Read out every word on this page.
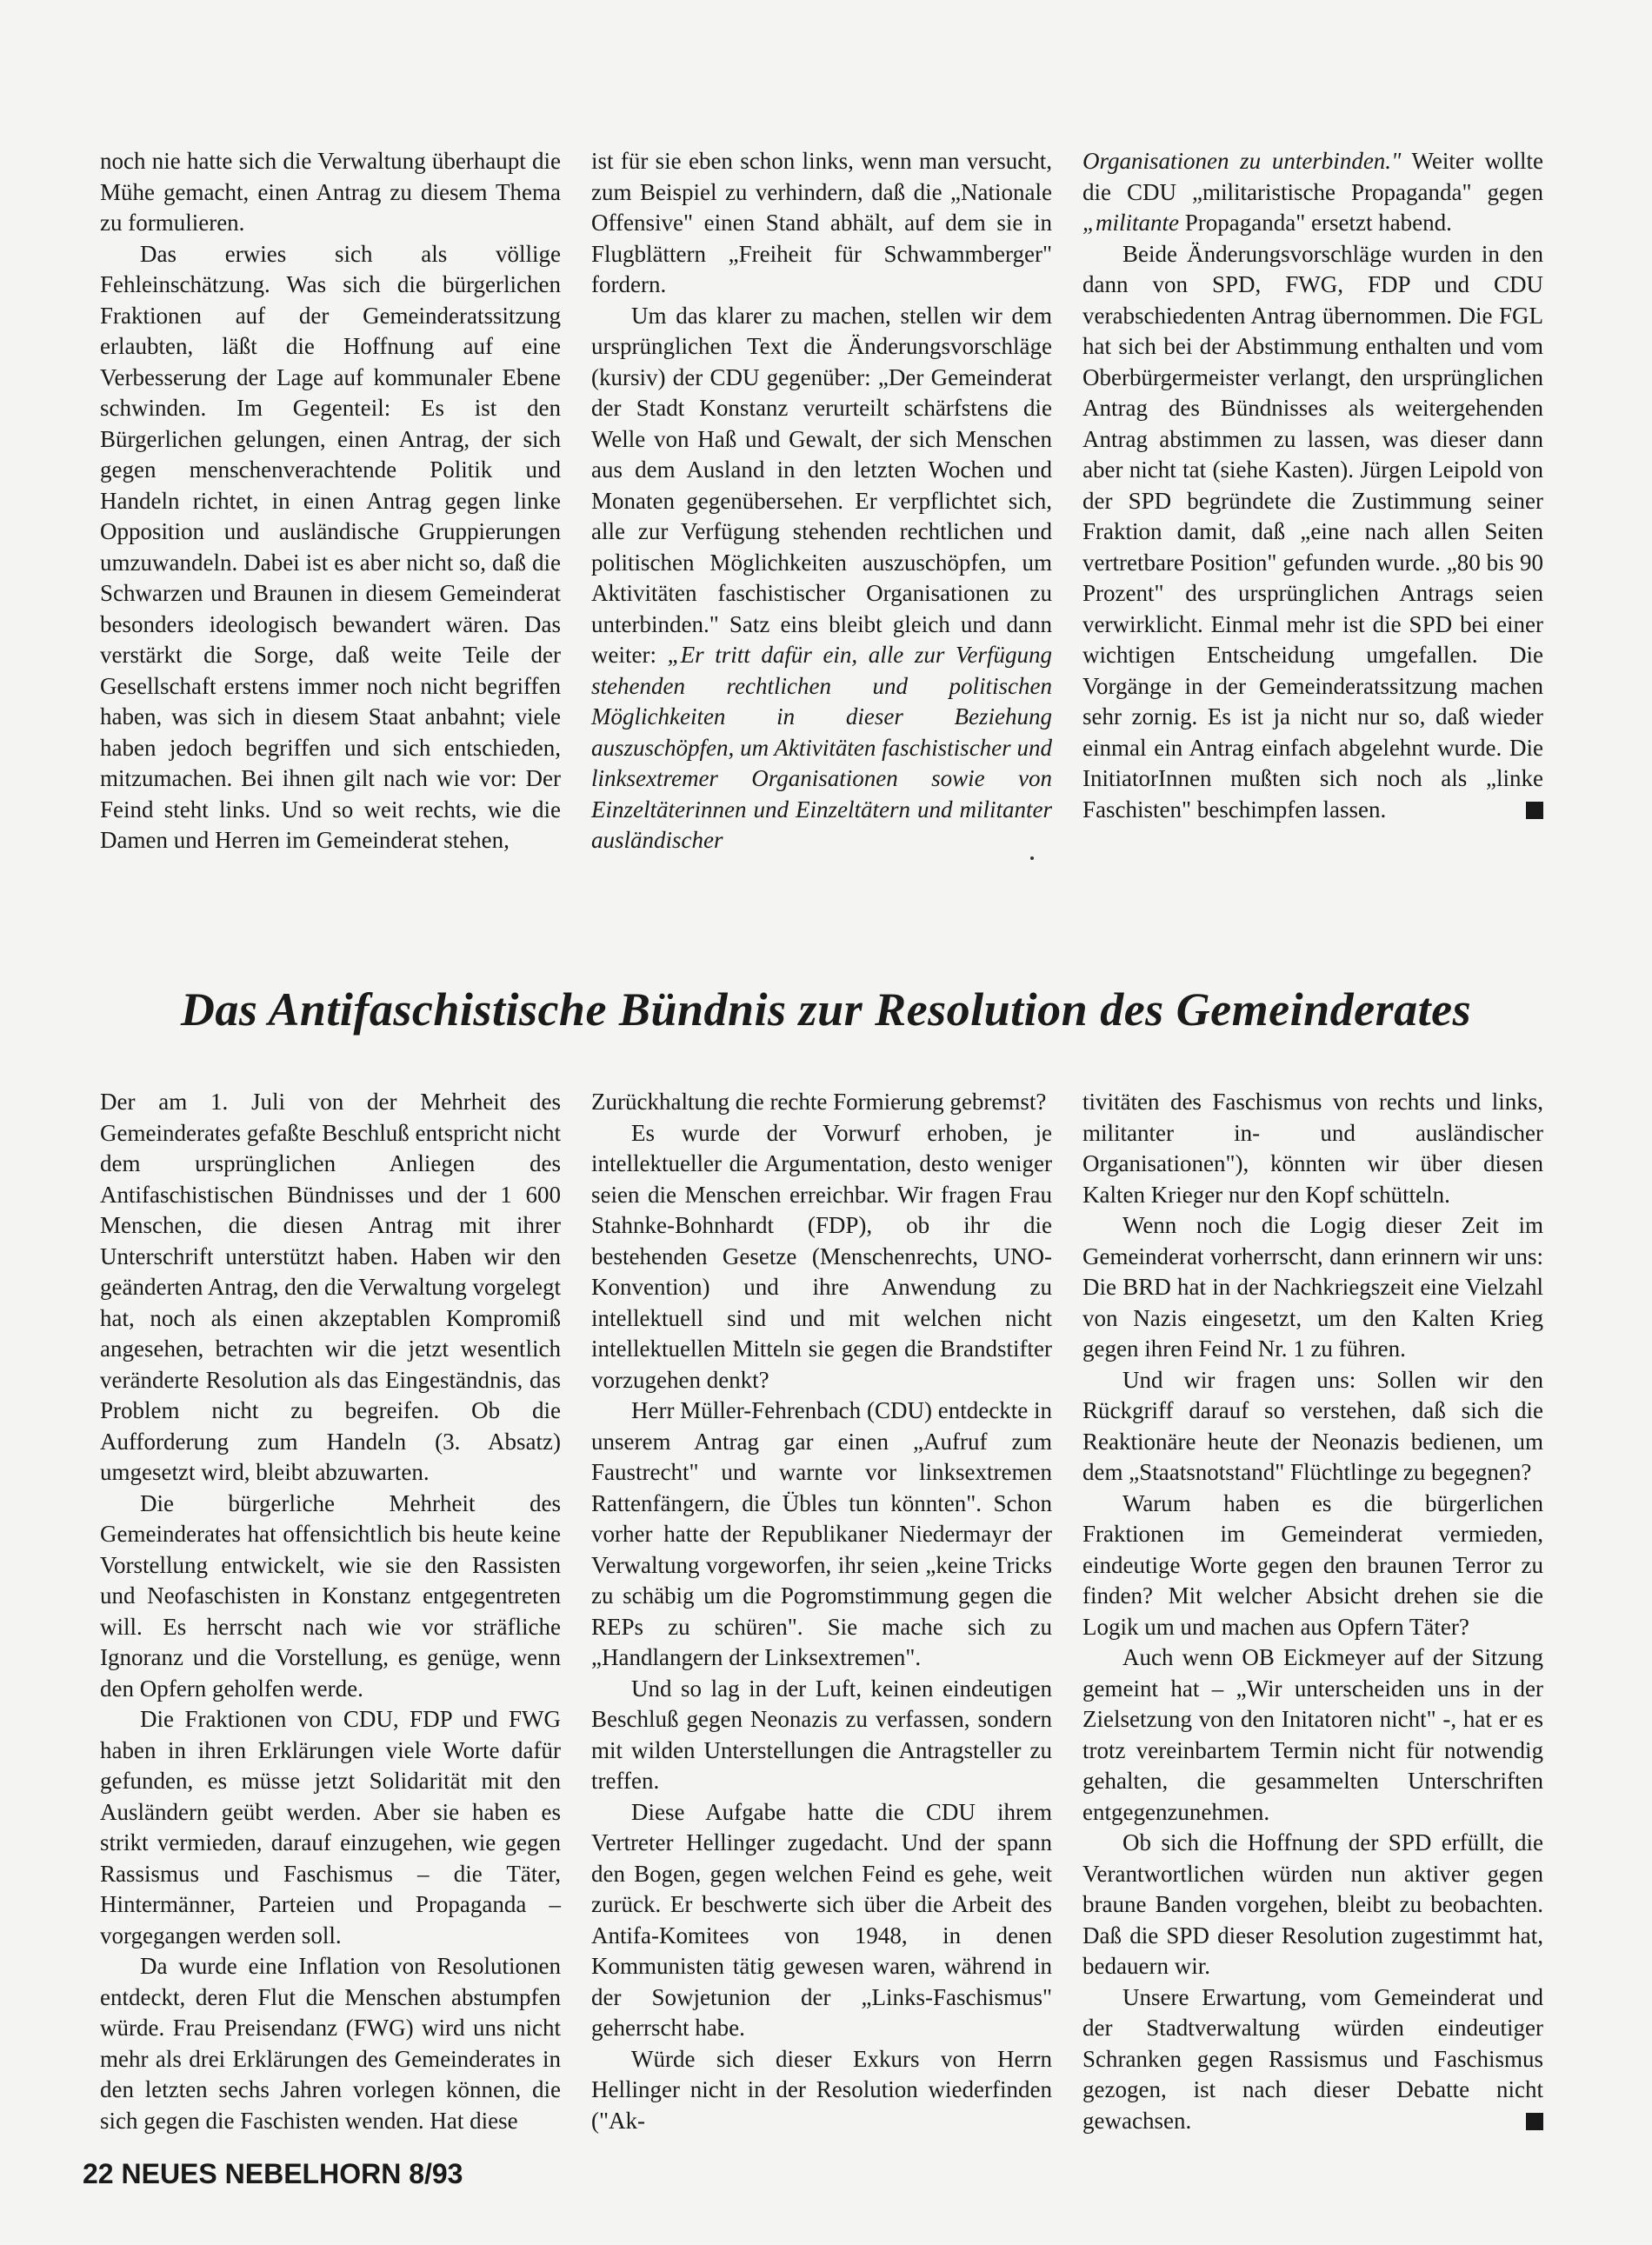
noch nie hatte sich die Verwaltung überhaupt die Mühe gemacht, einen Antrag zu diesem Thema zu formulieren.

Das erwies sich als völlige Fehleinschätzung. Was sich die bürgerlichen Fraktionen auf der Gemeinderatssitzung erlaubten, läßt die Hoffnung auf eine Verbesserung der Lage auf kommunaler Ebene schwinden. Im Gegenteil: Es ist den Bürgerlichen gelungen, einen Antrag, der sich gegen menschenverachtende Politik und Handeln richtet, in einen Antrag gegen linke Opposition und ausländische Gruppierungen umzuwandeln. Dabei ist es aber nicht so, daß die Schwarzen und Braunen in diesem Gemeinderat besonders ideologisch bewandert wären. Das verstärkt die Sorge, daß weite Teile der Gesellschaft erstens immer noch nicht begriffen haben, was sich in diesem Staat anbahnt; viele haben jedoch begriffen und sich entschieden, mitzumachen. Bei ihnen gilt nach wie vor: Der Feind steht links. Und so weit rechts, wie die Damen und Herren im Gemeinderat stehen,

ist für sie eben schon links, wenn man versucht, zum Beispiel zu verhindern, daß die „Nationale Offensive" einen Stand abhält, auf dem sie in Flugblättern „Freiheit für Schwammberger" fordern.

Um das klarer zu machen, stellen wir dem ursprünglichen Text die Änderungsvorschläge (kursiv) der CDU gegenüber: „Der Gemeinderat der Stadt Konstanz verurteilt schärfstens die Welle von Haß und Gewalt, der sich Menschen aus dem Ausland in den letzten Wochen und Monaten gegenübersehen. Er verpflichtet sich, alle zur Verfügung stehenden rechtlichen und politischen Möglichkeiten auszuschöpfen, um Aktivitäten faschistischer Organisationen zu unterbinden." Satz eins bleibt gleich und dann weiter: „Er tritt dafür ein, alle zur Verfügung stehenden rechtlichen und politischen Möglichkeiten in dieser Beziehung auszuschöpfen, um Aktivitäten faschistischer und linksextremer Organisationen sowie von Einzeltäterinnen und Einzeltätern und militanter ausländischer

Organisationen zu unterbinden." Weiter wollte die CDU „militaristische Propaganda" gegen „militante Propaganda" ersetzt habend.

Beide Änderungsvorschläge wurden in den dann von SPD, FWG, FDP und CDU verabschiedenten Antrag übernommen. Die FGL hat sich bei der Abstimmung enthalten und vom Oberbürgermeister verlangt, den ursprünglichen Antrag des Bündnisses als weitergehenden Antrag abstimmen zu lassen, was dieser dann aber nicht tat (siehe Kasten). Jürgen Leipold von der SPD begründete die Zustimmung seiner Fraktion damit, daß „eine nach allen Seiten vertretbare Position" gefunden wurde. „80 bis 90 Prozent" des ursprünglichen Antrags seien verwirklicht. Einmal mehr ist die SPD bei einer wichtigen Entscheidung umgefallen. Die Vorgänge in der Gemeinderatssitzung machen sehr zornig. Es ist ja nicht nur so, daß wieder einmal ein Antrag einfach abgelehnt wurde. Die InitiatorInnen mußten sich noch als „linke Faschisten" beschimpfen lassen.	↗

Das Antifaschistische Bündnis zur Resolution des Gemeinderates

Der am 1. Juli von der Mehrheit des Gemeinderates gefaßte Beschluß entspricht nicht dem ursprünglichen Anliegen des Antifaschistischen Bündnisses und der 1 600 Menschen, die diesen Antrag mit ihrer Unterschrift unterstützt haben. Haben wir den geänderten Antrag, den die Verwaltung vorgelegt hat, noch als einen akzeptablen Kompromiß angesehen, betrachten wir die jetzt wesentlich veränderte Resolution als das Eingeständnis, das Problem nicht zu begreifen. Ob die Aufforderung zum Handeln (3. Absatz) umgesetzt wird, bleibt abzuwarten.

Die bürgerliche Mehrheit des Gemeinderates hat offensichtlich bis heute keine Vorstellung entwickelt, wie sie den Rassisten und Neofaschisten in Konstanz entgegentreten will. Es herrscht nach wie vor sträfliche Ignoranz und die Vorstellung, es genüge, wenn den Opfern geholfen werde.

Die Fraktionen von CDU, FDP und FWG haben in ihren Erklärungen viele Worte dafür gefunden, es müsse jetzt Solidarität mit den Ausländern geübt werden. Aber sie haben es strikt vermieden, darauf einzugehen, wie gegen Rassismus und Faschismus – die Täter, Hintermänner, Parteien und Propaganda – vorgegangen werden soll.

Da wurde eine Inflation von Resolutionen entdeckt, deren Flut die Menschen abstumpfen würde. Frau Preisendanz (FWG) wird uns nicht mehr als drei Erklärungen des Gemeinderates in den letzten sechs Jahren vorlegen können, die sich gegen die Faschisten wenden. Hat diese

Zurückhaltung die rechte Formierung gebremst?

Es wurde der Vorwurf erhoben, je intellektueller die Argumentation, desto weniger seien die Menschen erreichbar. Wir fragen Frau Stahnke-Bohnhardt (FDP), ob ihr die bestehenden Gesetze (Menschenrechts, UNO-Konvention) und ihre Anwendung zu intellektuell sind und mit welchen nicht intellektuellen Mitteln sie gegen die Brandstifter vorzugehen denkt?

Herr Müller-Fehrenbach (CDU) entdeckte in unserem Antrag gar einen „Aufruf zum Faustrecht" und warnte vor linksextremen Rattenfängern, die Übles tun könnten". Schon vorher hatte der Republikaner Niedermayr der Verwaltung vorgeworfen, ihr seien „keine Tricks zu schäbig um die Pogromstimmung gegen die REPs zu schüren". Sie mache sich zu „Handlangern der Linksextremen".

Und so lag in der Luft, keinen eindeutigen Beschluß gegen Neonazis zu verfassen, sondern mit wilden Unterstellungen die Antragsteller zu treffen.

Diese Aufgabe hatte die CDU ihrem Vertreter Hellinger zugedacht. Und der spann den Bogen, gegen welchen Feind es gehe, weit zurück. Er beschwerte sich über die Arbeit des Antifa-Komitees von 1948, in denen Kommunisten tätig gewesen waren, während in der Sowjetunion der „Links-Faschismus" geherrscht habe.

Würde sich dieser Exkurs von Herrn Hellinger nicht in der Resolution wiederfinden ("Ak-

tivitäten des Faschismus von rechts und links, militanter in- und ausländischer Organisationen"), könnten wir über diesen Kalten Krieger nur den Kopf schütteln.

Wenn noch die Logig dieser Zeit im Gemeinderat vorherrscht, dann erinnern wir uns: Die BRD hat in der Nachkriegszeit eine Vielzahl von Nazis eingesetzt, um den Kalten Krieg gegen ihren Feind Nr. 1 zu führen.

Und wir fragen uns: Sollen wir den Rückgriff darauf so verstehen, daß sich die Reaktionäre heute der Neonazis bedienen, um dem „Staatsnotstand" Flüchtlinge zu begegnen?

Warum haben es die bürgerlichen Fraktionen im Gemeinderat vermieden, eindeutige Worte gegen den braunen Terror zu finden? Mit welcher Absicht drehen sie die Logik um und machen aus Opfern Täter?

Auch wenn OB Eickmeyer auf der Sitzung gemeint hat – „Wir unterscheiden uns in der Zielsetzung von den Initatoren nicht" -, hat er es trotz vereinbartem Termin nicht für notwendig gehalten, die gesammelten Unterschriften entgegenzunehmen.

Ob sich die Hoffnung der SPD erfüllt, die Verantwortlichen würden nun aktiver gegen braune Banden vorgehen, bleibt zu beobachten. Daß die SPD dieser Resolution zugestimmt hat, bedauern wir.

Unsere Erwartung, vom Gemeinderat und der Stadtverwaltung würden eindeutiger Schranken gegen Rassismus und Faschismus gezogen, ist nach dieser Debatte nicht gewachsen.	↗

22 NEUES NEBELHORN 8/93
